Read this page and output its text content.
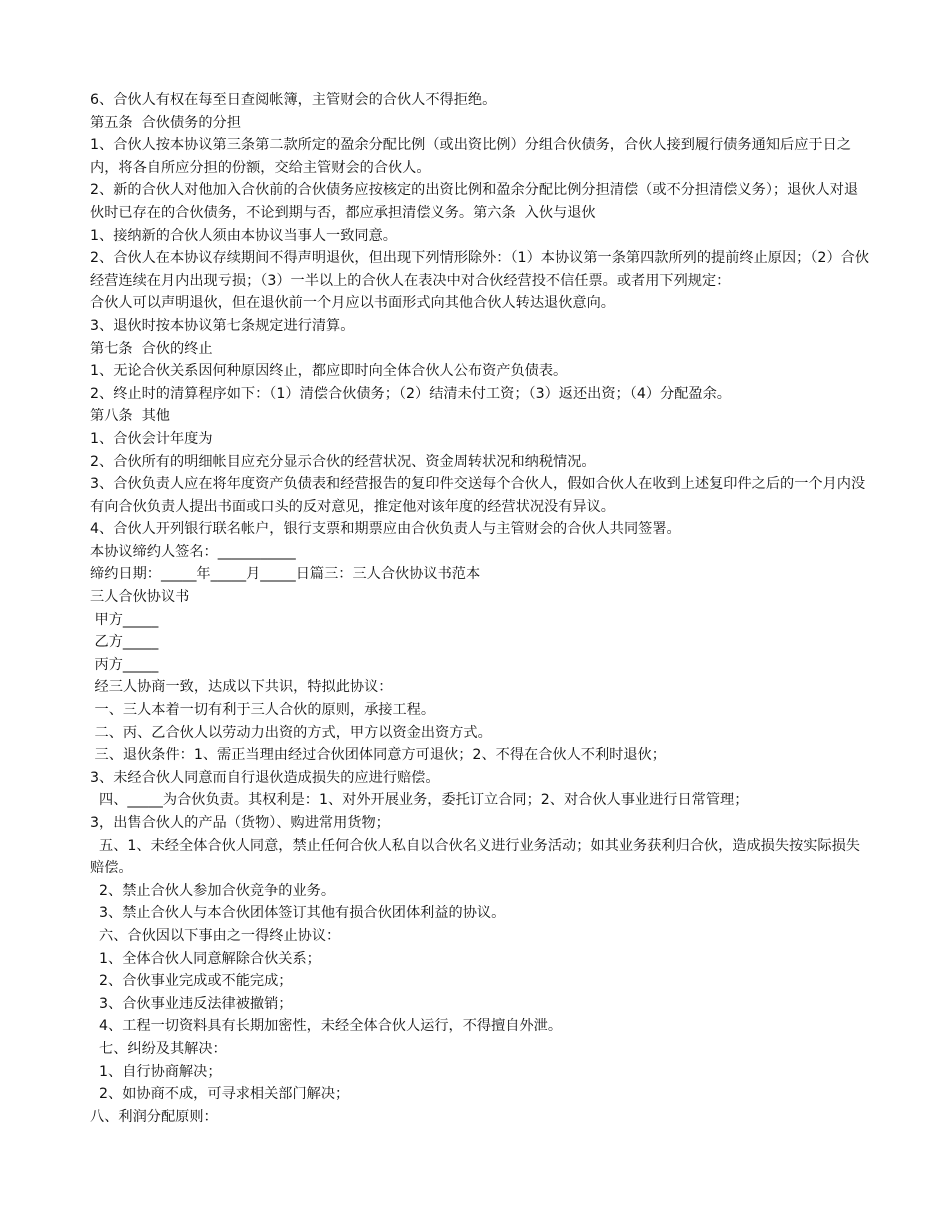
6、合伙人有权在每至日查阅帐簿，主管财会的合伙人不得拒绝。
第五条  合伙债务的分担
1、合伙人按本协议第三条第二款所定的盈余分配比例（或出资比例）分组合伙债务，合伙人接到履行债务通知后应于日之内，将各自所应分担的份额，交给主管财会的合伙人。
2、新的合伙人对他加入合伙前的合伙债务应按核定的出资比例和盈余分配比例分担清偿（或不分担清偿义务）；退伙人对退伙时已存在的合伙债务，不论到期与否，都应承担清偿义务。第六条  入伙与退伙
1、接纳新的合伙人须由本协议当事人一致同意。
2、合伙人在本协议存续期间不得声明退伙，但出现下列情形除外：（1）本协议第一条第四款所列的提前终止原因；（2）合伙经营连续在月内出现亏损；（3）一半以上的合伙人在表决中对合伙经营投不信任票。或者用下列规定：
合伙人可以声明退伙，但在退伙前一个月应以书面形式向其他合伙人转达退伙意向。
3、退伙时按本协议第七条规定进行清算。
第七条  合伙的终止
1、无论合伙关系因何种原因终止，都应即时向全体合伙人公布资产负债表。
2、终止时的清算程序如下：（1）清偿合伙债务；（2）结清未付工资；（3）返还出资；（4）分配盈余。
第八条  其他
1、合伙会计年度为
2、合伙所有的明细帐目应充分显示合伙的经营状况、资金周转状况和纳税情况。
3、合伙负责人应在将年度资产负债表和经营报告的复印件交送每个合伙人，假如合伙人在收到上述复印件之后的一个月内没有向合伙负责人提出书面或口头的反对意见，推定他对该年度的经营状况没有异议。
4、合伙人开列银行联名帐户，银行支票和期票应由合伙负责人与主管财会的合伙人共同签署。
本协议缔约人签名：___________
缔约日期：_____年_____月_____日篇三：三人合伙协议书范本
三人合伙协议书
甲方_____
乙方_____
丙方_____
经三人协商一致，达成以下共识，特拟此协议：
一、三人本着一切有利于三人合伙的原则，承接工程。
二、丙、乙合伙人以劳动力出资的方式，甲方以资金出资方式。
三、退伙条件：1、需正当理由经过合伙团体同意方可退伙；2、不得在合伙人不利时退伙；
3、未经合伙人同意而自行退伙造成损失的应进行赔偿。
四、_____为合伙负责。其权利是：1、对外开展业务，委托订立合同；2、对合伙人事业进行日常管理；
3，出售合伙人的产品（货物）、购进常用货物；
五、1、未经全体合伙人同意，禁止任何合伙人私自以合伙名义进行业务活动；如其业务获利归合伙，造成损失按实际损失赔偿。
2、禁止合伙人参加合伙竞争的业务。
3、禁止合伙人与本合伙团体签订其他有损合伙团体利益的协议。
六、合伙因以下事由之一得终止协议：
1、全体合伙人同意解除合伙关系；
2、合伙事业完成或不能完成；
3、合伙事业违反法律被撤销；
4、工程一切资料具有长期加密性，未经全体合伙人运行，不得擅自外泄。
七、纠纷及其解决：
1、自行协商解决；
2、如协商不成，可寻求相关部门解决；
八、利润分配原则：
